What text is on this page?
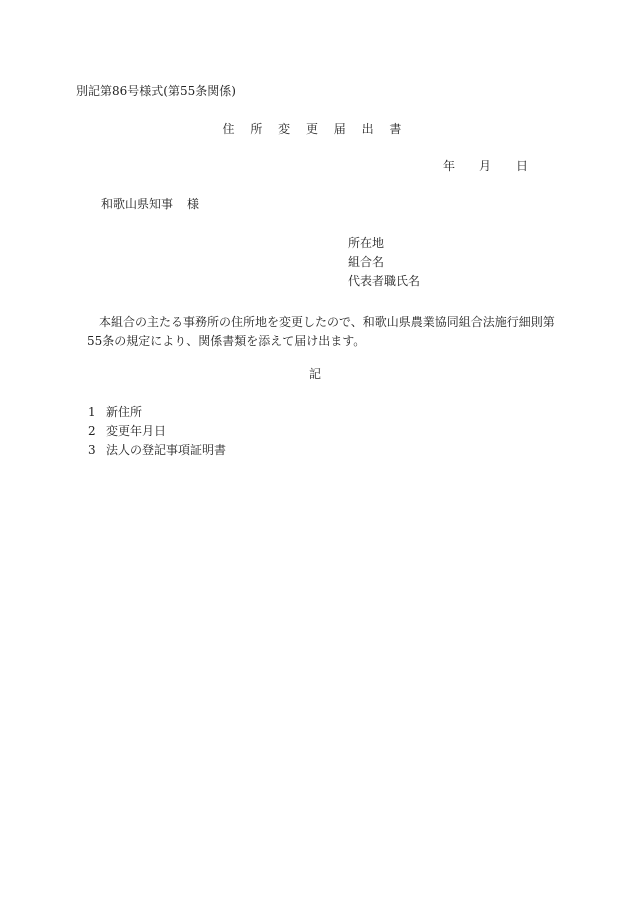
別記第86号様式(第55条関係)
住 所 変 更 届 出 書
年 月 日
和歌山県知事 様
所在地
組合名
代表者職氏名
本組合の主たる事務所の住所地を変更したので、和歌山県農業協同組合法施行細則第55条の規定により、関係書類を添えて届け出ます。
記
1 新住所
2 変更年月日
3 法人の登記事項証明書
